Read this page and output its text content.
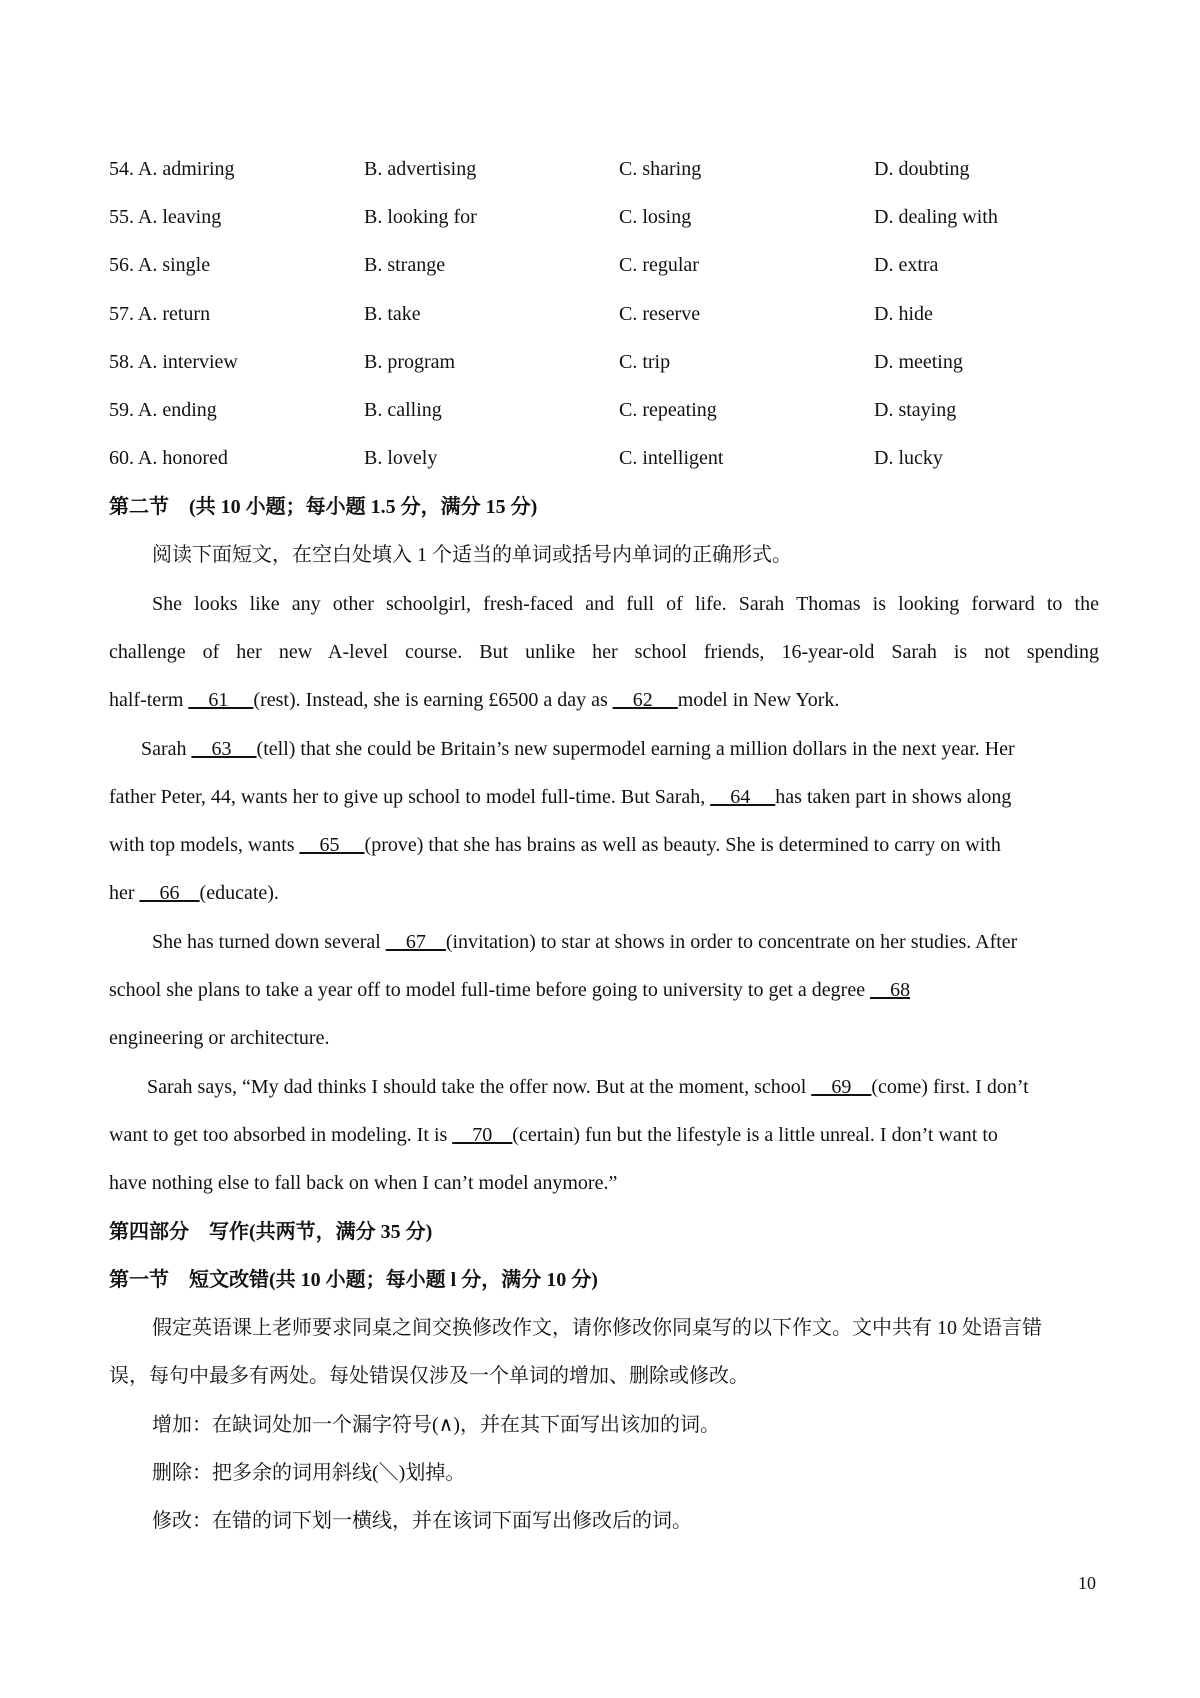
54. A. admiring	B. advertising	C. sharing	D. doubting
55. A. leaving	B. looking for	C. losing	D. dealing with
56. A. single	B. strange	C. regular	D. extra
57. A. return	B. take	C. reserve	D. hide
58. A. interview	B. program	C. trip	D. meeting
59. A. ending	B. calling	C. repeating	D. staying
60. A. honored	B. lovely	C. intelligent	D. lucky
第二节　(共 10 小题；每小题 1.5 分，满分 15 分)
阅读下面短文，在空白处填入 1 个适当的单词或括号内单词的正确形式。
She looks like any other schoolgirl, fresh-faced and full of life. Sarah Thomas is looking forward to the
challenge of her new A-level course. But unlike her school friends, 16-year-old Sarah is not spending
half-term __61__ (rest). Instead, she is earning £6500 a day as __62__ model in New York.
Sarah __63__ (tell) that she could be Britain’s new supermodel earning a million dollars in the next year. Her
father Peter, 44, wants her to give up school to model full-time. But Sarah, __64__ has taken part in shows along
with top models, wants __65__ (prove) that she has brains as well as beauty. She is determined to carry on with
her __66__(educate).
She has turned down several __67__(invitation) to star at shows in order to concentrate on her studies. After
school she plans to take a year off to model full-time before going to university to get a degree __68
engineering or architecture.
Sarah says, “My dad thinks I should take the offer now. But at the moment, school __69__(come) first. I don’t
want to get too absorbed in modeling. It is __70__(certain) fun but the lifestyle is a little unreal. I don’t want to
have nothing else to fall back on when I can’t model anymore.”
第四部分　写作(共两节，满分 35 分)
第一节　短文改错(共 10 小题；每小题 l 分，满分 10 分)
假定英语课上老师要求同桌之间交换修改作文，请你修改你同桌写的以下作文。文中共有 10 处语言错
误，每句中最多有两处。每处错误仅涉及一个单词的增加、删除或修改。
增加：在缺词处加一个漏字符号(∧)，并在其下面写出该加的词。
删除：把多余的词用斜线(＼)划掉。
修改：在错的词下划一横线，并在该词下面写出修改后的词。
10
